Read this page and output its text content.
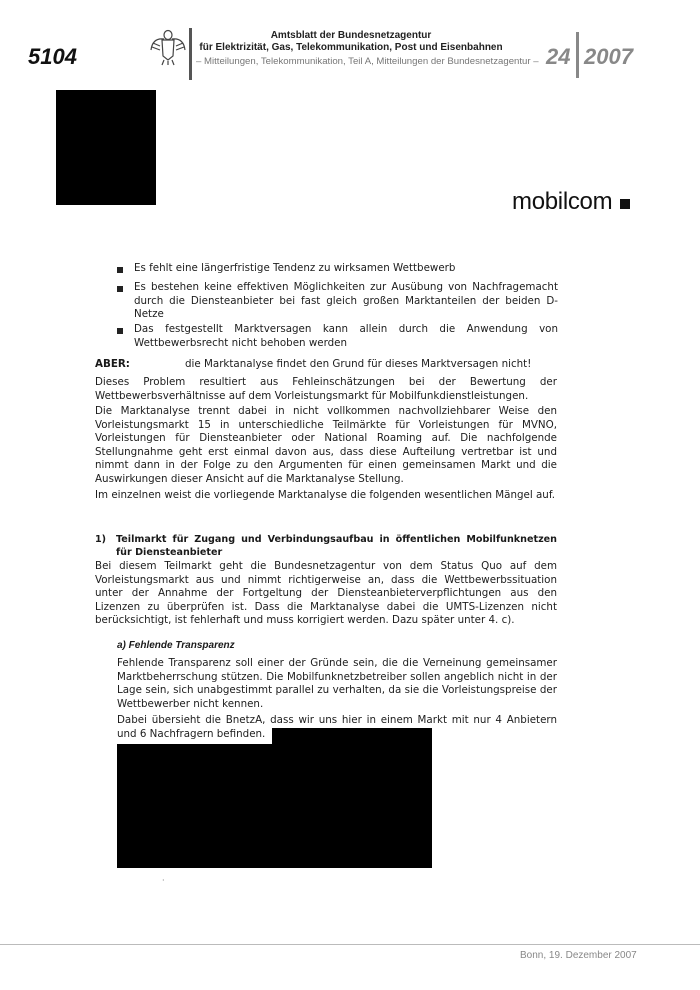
5104
Amtsblatt der Bundesnetzagentur
für Elektrizität, Gas, Telekommunikation, Post und Eisenbahnen
– Mitteilungen, Telekommunikation, Teil A, Mitteilungen der Bundesnetzagentur – 24 2007
mobilcom
Es fehlt eine längerfristige Tendenz zu wirksamen Wettbewerb
Es bestehen keine effektiven Möglichkeiten zur Ausübung von Nachfragemacht durch die Diensteanbieter bei fast gleich großen Marktanteilen der beiden D-Netze
Das festgestellt Marktversagen kann allein durch die Anwendung von Wettbewerbsrecht nicht behoben werden
ABER:	die Marktanalyse findet den Grund für dieses Marktversagen nicht!
Dieses Problem resultiert aus Fehleinschätzungen bei der Bewertung der Wettbewerbsverhältnisse auf dem Vorleistungsmarkt für Mobilfunkdienstleistungen.
Die Marktanalyse trennt dabei in nicht vollkommen nachvollziehbarer Weise den Vorleistungsmarkt 15 in unterschiedliche Teilmärkte für Vorleistungen für MVNO, Vorleistungen für Diensteanbieter oder National Roaming auf. Die nachfolgende Stellungnahme geht erst einmal davon aus, dass diese Aufteilung vertretbar ist und nimmt dann in der Folge zu den Argumenten für einen gemeinsamen Markt und die Auswirkungen dieser Ansicht auf die Marktanalyse Stellung.
Im einzelnen weist die vorliegende Marktanalyse die folgenden wesentlichen Mängel auf.
1) Teilmarkt für Zugang und Verbindungsaufbau in öffentlichen Mobilfunknetzen für Diensteanbieter
Bei diesem Teilmarkt geht die Bundesnetzagentur von dem Status Quo auf dem Vorleistungsmarkt aus und nimmt richtigerweise an, dass die Wettbewerbssituation unter der Annahme der Fortgeltung der Diensteanbieterverpflichtungen aus den Lizenzen zu überprüfen ist. Dass die Marktanalyse dabei die UMTS-Lizenzen nicht berücksichtigt, ist fehlerhaft und muss korrigiert werden. Dazu später unter 4. c).
a) Fehlende Transparenz
Fehlende Transparenz soll einer der Gründe sein, die die Verneinung gemeinsamer Marktbeherrschung stützen. Die Mobilfunknetzbetreiber sollen angeblich nicht in der Lage sein, sich unabgestimmt parallel zu verhalten, da sie die Vorleistungspreise der Wettbewerber nicht kennen.
Dabei übersieht die BnetzA, dass wir uns hier in einem Markt mit nur 4 Anbietern und 6 Nachfragern befinden.
·
Bonn, 19. Dezember 2007
